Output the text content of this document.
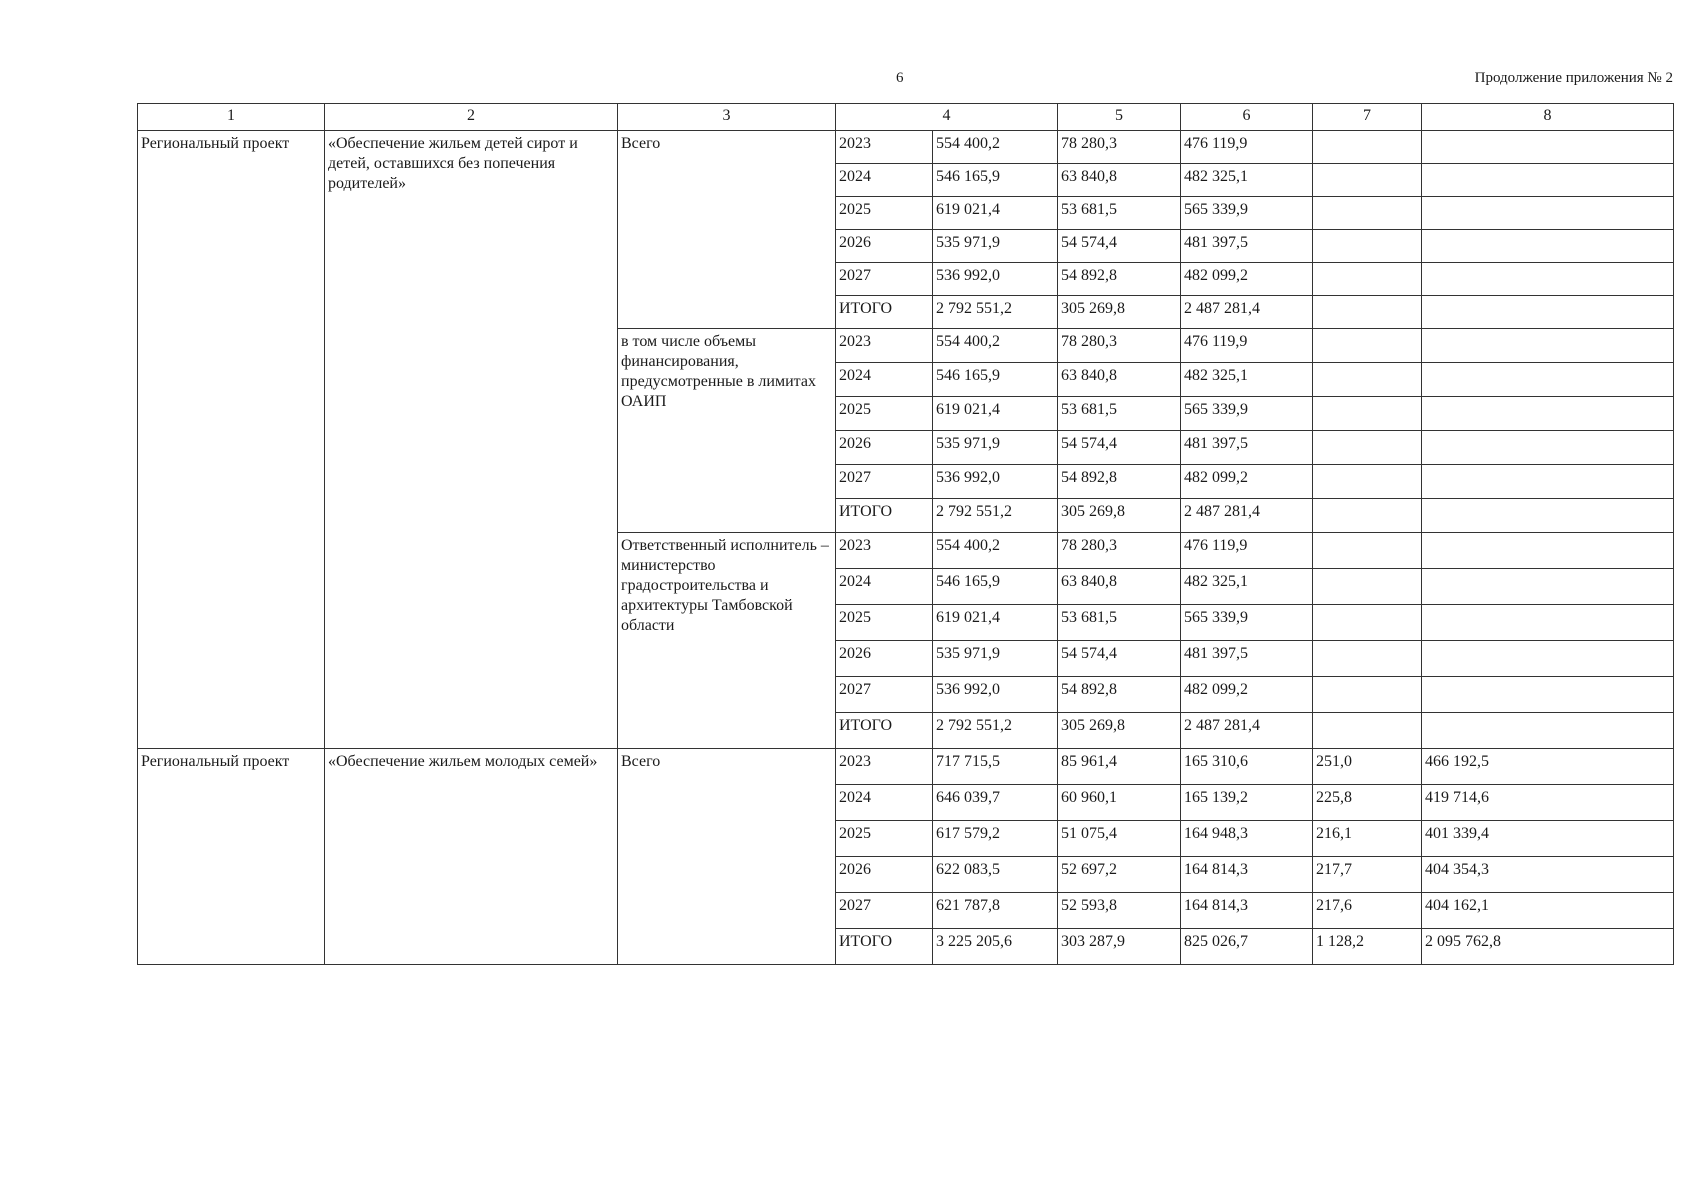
6	Продолжение приложения № 2
1	2	3	4		5	6	7	8
Региональный проект	«Обеспечение жильем детей сирот и детей, оставшихся без попечения родителей»	Всего	2023	554 400,2	78 280,3	476 119,9		
			2024	546 165,9	63 840,8	482 325,1		
			2025	619 021,4	53 681,5	565 339,9		
			2026	535 971,9	54 574,4	481 397,5		
			2027	536 992,0	54 892,8	482 099,2		
			ИТОГО	2 792 551,2	305 269,8	2 487 281,4		
		в том числе объемы финансирования, предусмотренные в лимитах ОАИП	2023	554 400,2	78 280,3	476 119,9		
			2024	546 165,9	63 840,8	482 325,1		
			2025	619 021,4	53 681,5	565 339,9		
			2026	535 971,9	54 574,4	481 397,5		
			2027	536 992,0	54 892,8	482 099,2		
			ИТОГО	2 792 551,2	305 269,8	2 487 281,4		
		Ответственный исполнитель – министерство градостроительства и архитектуры Тамбовской области	2023	554 400,2	78 280,3	476 119,9		
			2024	546 165,9	63 840,8	482 325,1		
			2025	619 021,4	53 681,5	565 339,9		
			2026	535 971,9	54 574,4	481 397,5		
			2027	536 992,0	54 892,8	482 099,2		
			ИТОГО	2 792 551,2	305 269,8	2 487 281,4		
Региональный проект	«Обеспечение жильем молодых семей»	Всего	2023	717 715,5	85 961,4	165 310,6	251,0	466 192,5
			2024	646 039,7	60 960,1	165 139,2	225,8	419 714,6
			2025	617 579,2	51 075,4	164 948,3	216,1	401 339,4
			2026	622 083,5	52 697,2	164 814,3	217,7	404 354,3
			2027	621 787,8	52 593,8	164 814,3	217,6	404 162,1
			ИТОГО	3 225 205,6	303 287,9	825 026,7	1 128,2	2 095 762,8
